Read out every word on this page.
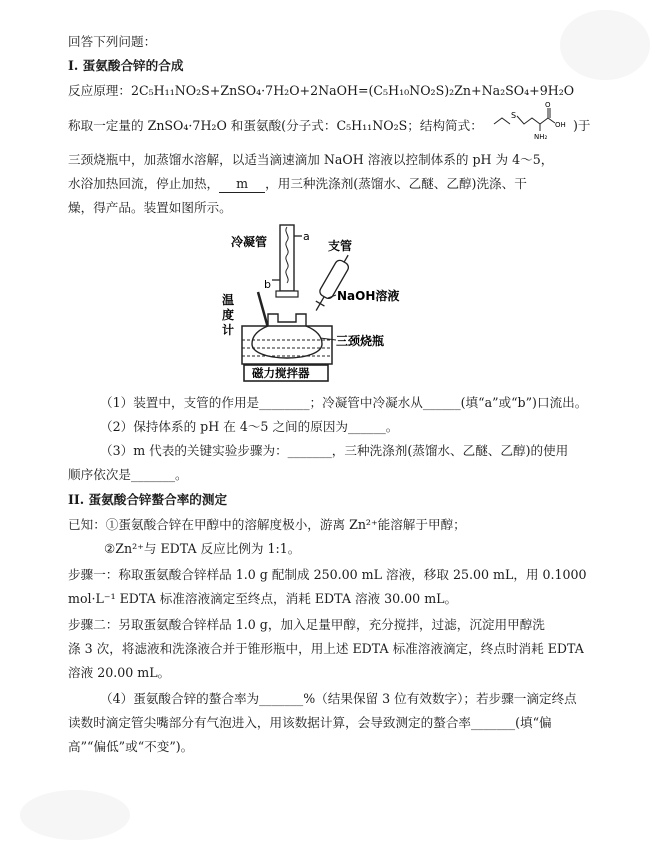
回答下列问题：
I. 蛋氨酸合锌的合成
反应原理：2C₅H₁₁NO₂S+ZnSO₄·7H₂O+2NaOH=(C₅H₁₀NO₂S)₂Zn+Na₂SO₄+9H₂O
称取一定量的 ZnSO₄·7H₂O 和蛋氨酸(分子式：C₅H₁₁NO₂S；结构简式：
S
O
OH
NH₂
)于
三颈烧瓶中，加蒸馏水溶解，以适当滴速滴加 NaOH 溶液以控制体系的 pH 为 4～5，
水浴加热回流，停止加热， m ，用三种洗涤剂(蒸馏水、乙醚、乙醇)洗涤、干
燥，得产品。装置如图所示。
冷凝管	a
b
温
度
计
支管
NaOH溶液
三颈烧瓶
磁力搅拌器
（1）装置中，支管的作用是________；冷凝管中冷凝水从______(填“a”或“b”)口流出。
（2）保持体系的 pH 在 4～5 之间的原因为______。
（3）m 代表的关键实验步骤为：_______，三种洗涤剂(蒸馏水、乙醚、乙醇)的使用
顺序依次是_______。
II. 蛋氨酸合锌螯合率的测定
已知：①蛋氨酸合锌在甲醇中的溶解度极小，游离 Zn²⁺能溶解于甲醇；
②Zn²⁺与 EDTA 反应比例为 1:1。
步骤一：称取蛋氨酸合锌样品 1.0 g 配制成 250.00 mL 溶液，移取 25.00 mL，用 0.1000
mol·L⁻¹ EDTA 标准溶液滴定至终点，消耗 EDTA 溶液 30.00 mL。
步骤二：另取蛋氨酸合锌样品 1.0 g，加入足量甲醇，充分搅拌，过滤，沉淀用甲醇洗
涤 3 次，将滤液和洗涤液合并于锥形瓶中，用上述 EDTA 标准溶液滴定，终点时消耗 EDTA
溶液 20.00 mL。
（4）蛋氨酸合锌的螯合率为_______%（结果保留 3 位有效数字）；若步骤一滴定终点
读数时滴定管尖嘴部分有气泡进入，用该数据计算，会导致测定的螯合率_______(填“偏
高”“偏低”或“不变”)。
